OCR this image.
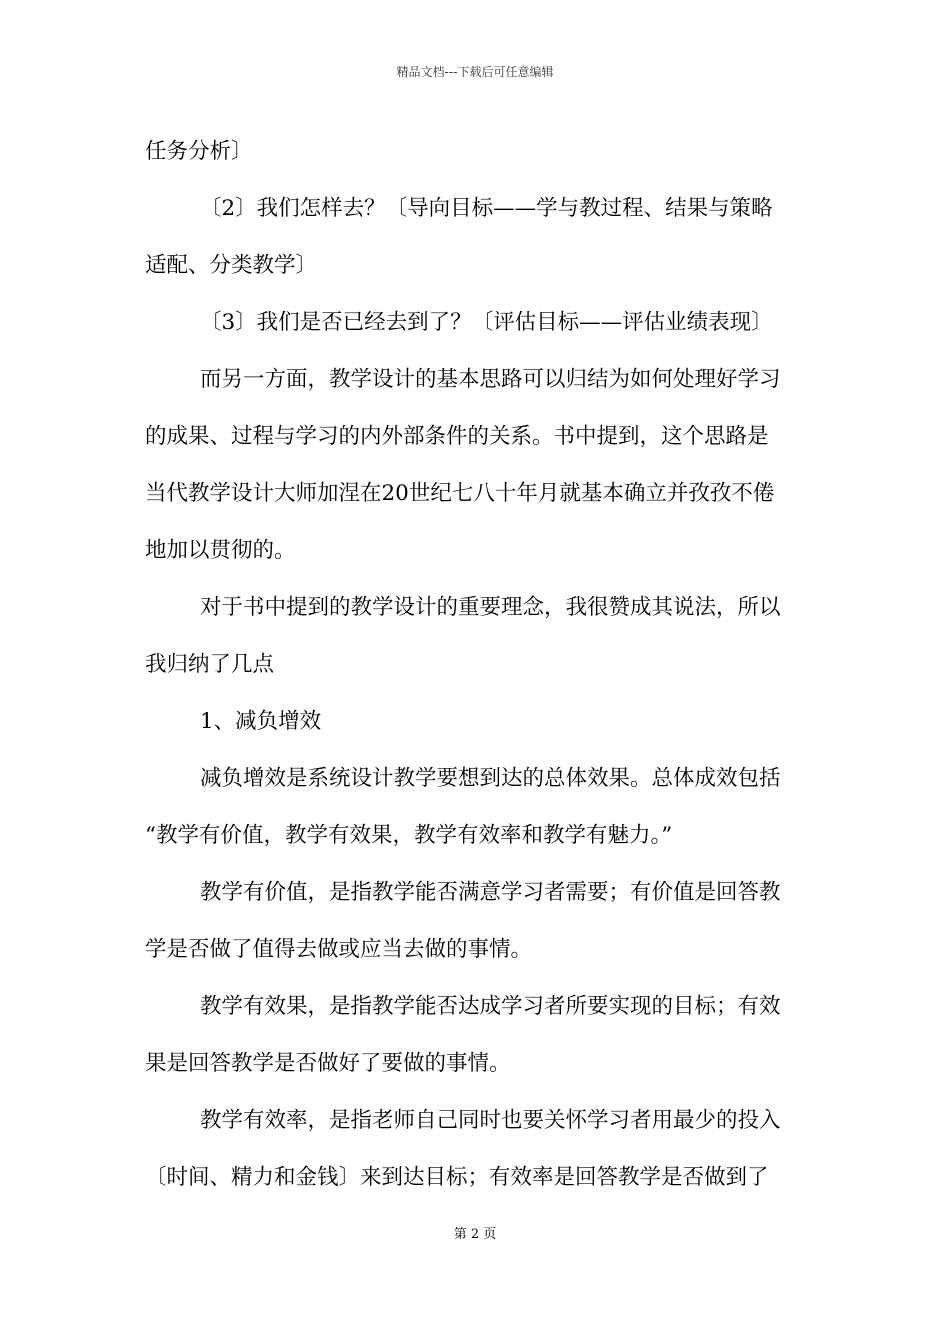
精品文档---下载后可任意编辑
任务分析〕
〔2〕我们怎样去？〔导向目标——学与教过程、结果与策略
适配、分类教学〕
〔3〕我们是否已经去到了？〔评估目标——评估业绩表现〕
而另一方面，教学设计的基本思路可以归结为如何处理好学习
的成果、过程与学习的内外部条件的关系。书中提到，这个思路是
当代教学设计大师加涅在20世纪七八十年月就基本确立并孜孜不倦
地加以贯彻的。
对于书中提到的教学设计的重要理念，我很赞成其说法，所以
我归纳了几点
1、减负增效
减负增效是系统设计教学要想到达的总体效果。总体成效包括
“教学有价值，教学有效果，教学有效率和教学有魅力。”
教学有价值，是指教学能否满意学习者需要；有价值是回答教
学是否做了值得去做或应当去做的事情。
教学有效果，是指教学能否达成学习者所要实现的目标；有效
果是回答教学是否做好了要做的事情。
教学有效率，是指老师自己同时也要关怀学习者用最少的投入
〔时间、精力和金钱〕来到达目标；有效率是回答教学是否做到了
第 2 页
